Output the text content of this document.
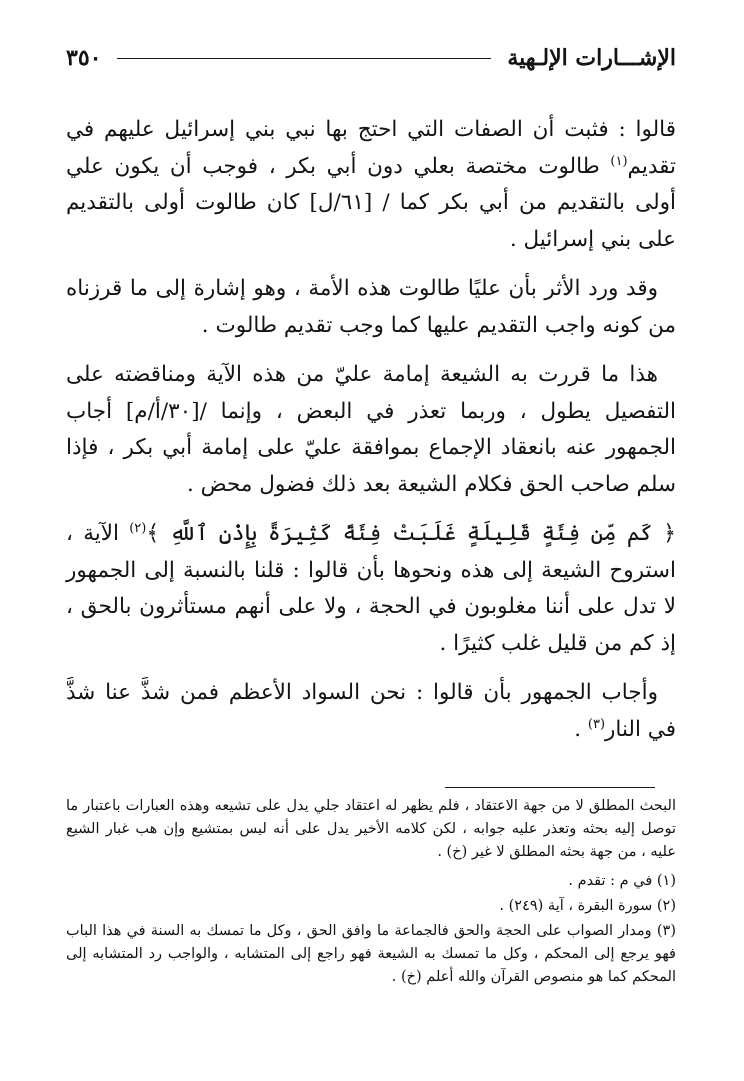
الإشـــارات الإلـهية
٣٥٠

قالوا : فثبت أن الصفات التي احتج بها نبي بني إسرائيل عليهم في تقديم$^{(١)}$ طالوت مختصة بعلي دون أبي بكر ، فوجب أن يكون علي أولى بالتقديم من أبي بكر كما / [٦١/ل] كان طالوت أولى بالتقديم على بني إسرائيل .

وقد ورد الأثر بأن عليًا طالوت هذه الأمة ، وهو إشارة إلى ما قرزناه من كونه واجب التقديم عليها كما وجب تقديم طالوت .

هذا ما قررت به الشيعة إمامة عليّ من هذه الآية ومناقضته على التفصيل يطول ، وربما تعذر في البعض ، وإنما /[٣٠/أ/م] أجاب الجمهور عنه بانعقاد الإجماع بموافقة عليّ على إمامة أبي بكر ، فإذا سلم صاحب الحق فكلام الشيعة بعد ذلك فضول محض .

﴿ كَم مِّن فِئَةٍ قَلِيلَةٍ غَلَبَتْ فِئَةً كَثِيرَةً بِإِذْنِ ٱللَّهِ ﴾$^{(٢)}$ الآية ، استروح الشيعة إلى هذه ونحوها بأن قالوا : قلنا بالنسبة إلى الجمهور لا تدل على أننا مغلوبون في الحجة ، ولا على أنهم مستأثرون بالحق ، إذ كم من قليل غلب كثيرًا .

وأجاب الجمهور بأن قالوا : نحن السواد الأعظم فمن شذَّ عنا شذَّ في النار$^{(٣)}$ .

البحث المطلق لا من جهة الاعتقاد ، فلم يظهر له اعتقاد جلي يدل على تشيعه وهذه العبارات باعتبار ما توصل إليه بحثه وتعذر عليه جوابه ، لكن كلامه الأخير يدل على أنه ليس بمتشيع وإن هب غبار الشيع عليه ، من جهة بحثه المطلق لا غير (خ) .

(١) في م : تقدم .

(٢) سورة البقرة ، آية (٢٤٩) .

(٣) ومدار الصواب على الحجة والحق فالجماعة ما وافق الحق ، وكل ما تمسك به السنة في هذا الباب فهو يرجع إلى المحكم ، وكل ما تمسك به الشيعة فهو راجع إلى المتشابه ، والواجب رد المتشابه إلى المحكم كما هو منصوص القرآن والله أعلم (خ) .
